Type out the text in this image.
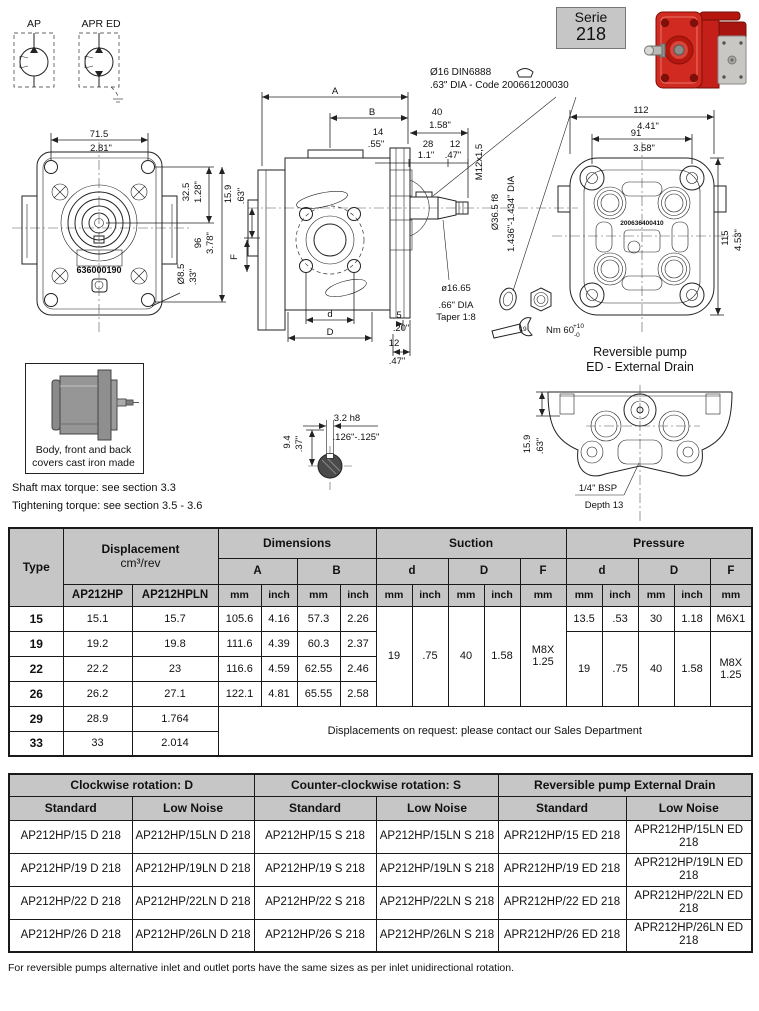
AP	APR ED
71.5
2.81"
32.5 1.28"
96 3.78"
Ø8.5 .33"
636000190
A
B	40
1.58"
14
.55"	28
1.1"
12
.47" M12x1,5
Ø36.5 f8 1.436"-1.434" DIA
15.9 .63"
F
d
D
5
.20"
12
.47"
ø16.65
.66" DIA
Taper 1:8
19 Nm 60 +10
-0
200636400410
112
4.41"
91
3.58"
115 4.53"
15.9 .63"
1/4" BSP
Depth 13
3.2 h8
.126"-.125"
9.4 .37"
Serie
218
Ø16 DIN6888
.63" DIA - Code 200661200030
Reversible pump
ED - External Drain
Body, front and back
covers cast iron made
Shaft max torque: see section 3.3
Tightening torque: see section 3.5 - 3.6
Type	Displacement
cm³/rev		Dimensions				Suction					Pressure				
			A		B		d		D		F	d		D		F
	AP212HP	AP212HPLN	mm	inch	mm	inch	mm	inch	mm	inch	mm	mm	inch	mm	inch	mm
15	15.1	15.7	105.6	4.16	57.3	2.26	19	.75	40	1.58	M8X 1.25	13.5	.53	30	1.18	M6X1
19	19.2	19.8	111.6	4.39	60.3	2.37						19	.75	40	1.58	M8X 1.25
22	22.2	23	116.6	4.59	62.55	2.46										
26	26.2	27.1	122.1	4.81	65.55	2.58										
29	28.9	1.764	Displacements on request: please contact our Sales Department													
33	33	2.014														
Clockwise rotation: D		Counter-clockwise rotation: S		Reversible pump External Drain	
Standard	Low Noise	Standard	Low Noise	Standard	Low Noise
AP212HP/15 D 218	AP212HP/15LN D 218	AP212HP/15 S 218	AP212HP/15LN S 218	APR212HP/15 ED 218	APR212HP/15LN ED 218
AP212HP/19 D 218	AP212HP/19LN D 218	AP212HP/19 S 218	AP212HP/19LN S 218	APR212HP/19 ED 218	APR212HP/19LN ED 218
AP212HP/22 D 218	AP212HP/22LN D 218	AP212HP/22 S 218	AP212HP/22LN S 218	APR212HP/22 ED 218	APR212HP/22LN ED 218
AP212HP/26 D 218	AP212HP/26LN D 218	AP212HP/26 S 218	AP212HP/26LN S 218	APR212HP/26 ED 218	APR212HP/26LN ED 218
For reversible pumps alternative inlet and outlet ports have the same sizes as per inlet unidirectional rotation.
